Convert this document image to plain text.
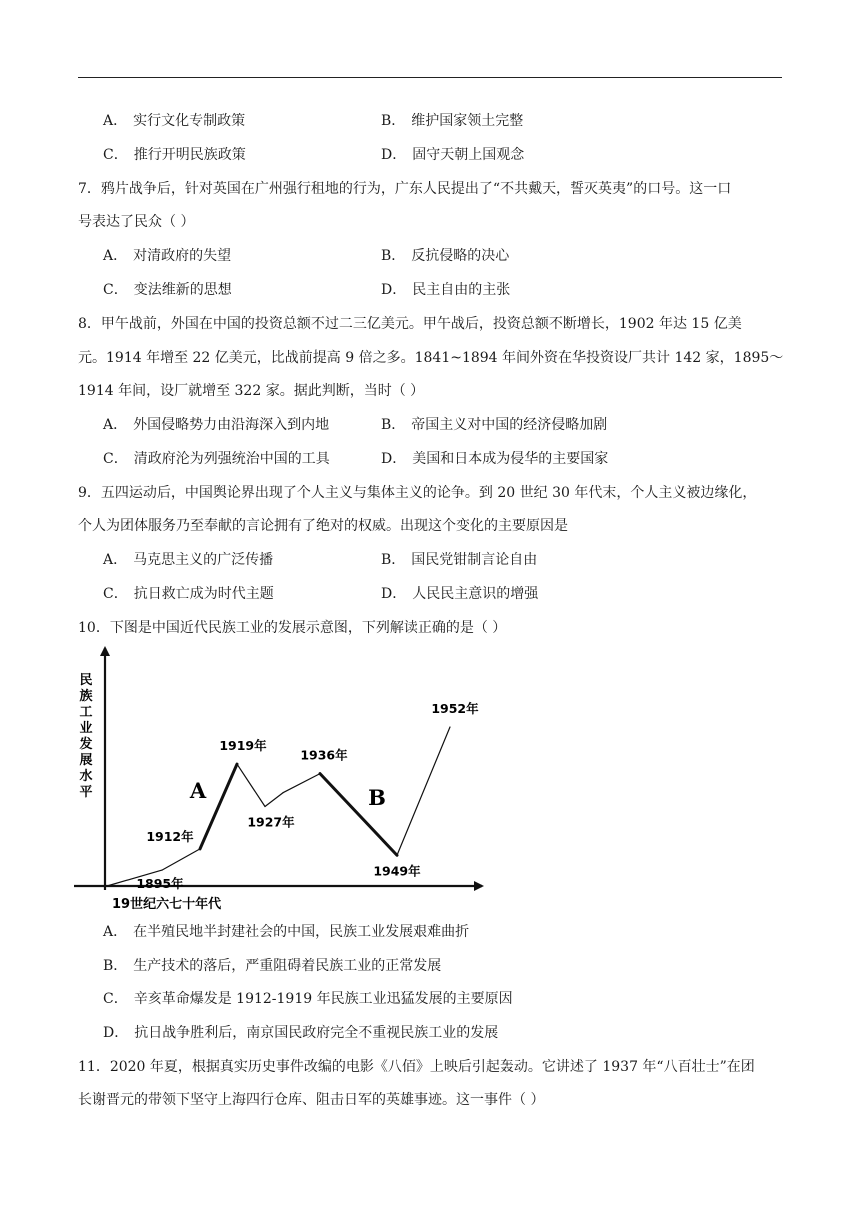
A． 实行文化专制政策	B． 维护国家领土完整
C． 推行开明民族政策	D． 固守天朝上国观念
7．鸦片战争后，针对英国在广州强行租地的行为，广东人民提出了“不共戴天，誓灭英夷”的口号。这一口
号表达了民众（ ）
A． 对清政府的失望	B． 反抗侵略的决心
C． 变法维新的思想	D． 民主自由的主张
8．甲午战前，外国在中国的投资总额不过二三亿美元。甲午战后，投资总额不断增长，1902 年达 15 亿美
元。1914 年增至 22 亿美元，比战前提高 9 倍之多。1841~1894 年间外资在华投资设厂共计 142 家，1895～
1914 年间，设厂就增至 322 家。据此判断，当时（ ）
A． 外国侵略势力由沿海深入到内地	B． 帝国主义对中国的经济侵略加剧
C． 清政府沦为列强统治中国的工具	D． 美国和日本成为侵华的主要国家
9．五四运动后，中国舆论界出现了个人主义与集体主义的论争。到 20 世纪 30 年代末，个人主义被边缘化，
个人为团体服务乃至奉献的言论拥有了绝对的权威。出现这个变化的主要原因是
A． 马克思主义的广泛传播	B． 国民党钳制言论自由
C． 抗日救亡成为时代主题	D． 人民民主意识的增强
10．下图是中国近代民族工业的发展示意图，下列解读正确的是（ ）
民族工业发展水平
19世纪六七十年代
1895年
1912年
1919年
1927年
1936年
1949年
1952年
A	B
A． 在半殖民地半封建社会的中国，民族工业发展艰难曲折
B． 生产技术的落后，严重阻碍着民族工业的正常发展
C． 辛亥革命爆发是 1912-1919 年民族工业迅猛发展的主要原因
D． 抗日战争胜利后，南京国民政府完全不重视民族工业的发展
11．2020 年夏，根据真实历史事件改编的电影《八佰》上映后引起轰动。它讲述了 1937 年“八百壮士”在团
长谢晋元的带领下坚守上海四行仓库、阻击日军的英雄事迹。这一事件（ ）
